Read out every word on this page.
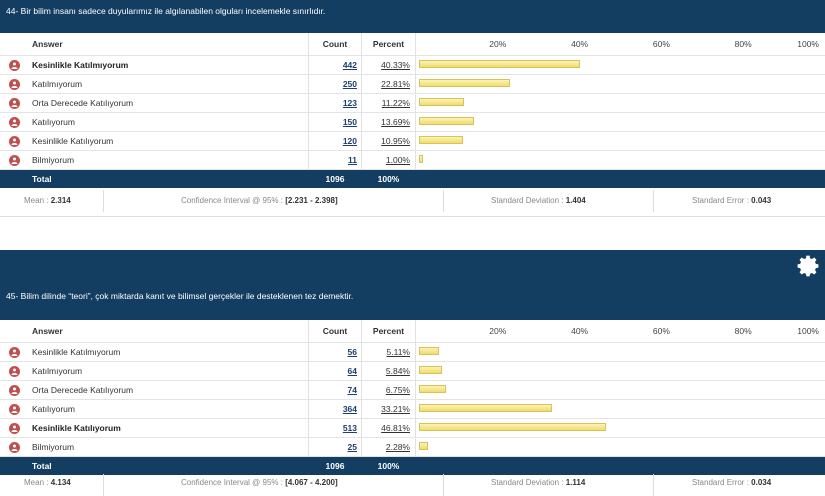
44- Bir bilim insanı sadece duyularımız ile algılanabilen olguları incelemekle sınırlıdır.
	Answer	Count	Percent	20% 40% 60% 80% 100%

	Kesinlikle Katılmıyorum	442	40.33%	

	Katılmıyorum	250	22.81%	

	Orta Derecede Katılıyorum	123	11.22%	

	Katılıyorum	150	13.69%	

	Kesinlikle Katılıyorum	120	10.95%	

	Bilmiyorum	11	1.00%	

	Total	1096	100%	
Mean : 2.314	Confidence Interval @ 95% : [2.231 - 2.398]	Standard Deviation : 1.404	Standard Error : 0.043
45- Bilim dilinde “teori”, çok miktarda kanıt ve bilimsel gerçekler ile desteklenen tez demektir.
	Answer	Count	Percent	20% 40% 60% 80% 100%

	Kesinlikle Katılmıyorum	56	5.11%	

	Katılmıyorum	64	5.84%	

	Orta Derecede Katılıyorum	74	6.75%	

	Katılıyorum	364	33.21%	

	Kesinlikle Katılıyorum	513	46.81%	

	Bilmiyorum	25	2.28%	

	Total	1096	100%	
Mean : 4.134	Confidence Interval @ 95% : [4.067 - 4.200]	Standard Deviation : 1.114	Standard Error : 0.034
